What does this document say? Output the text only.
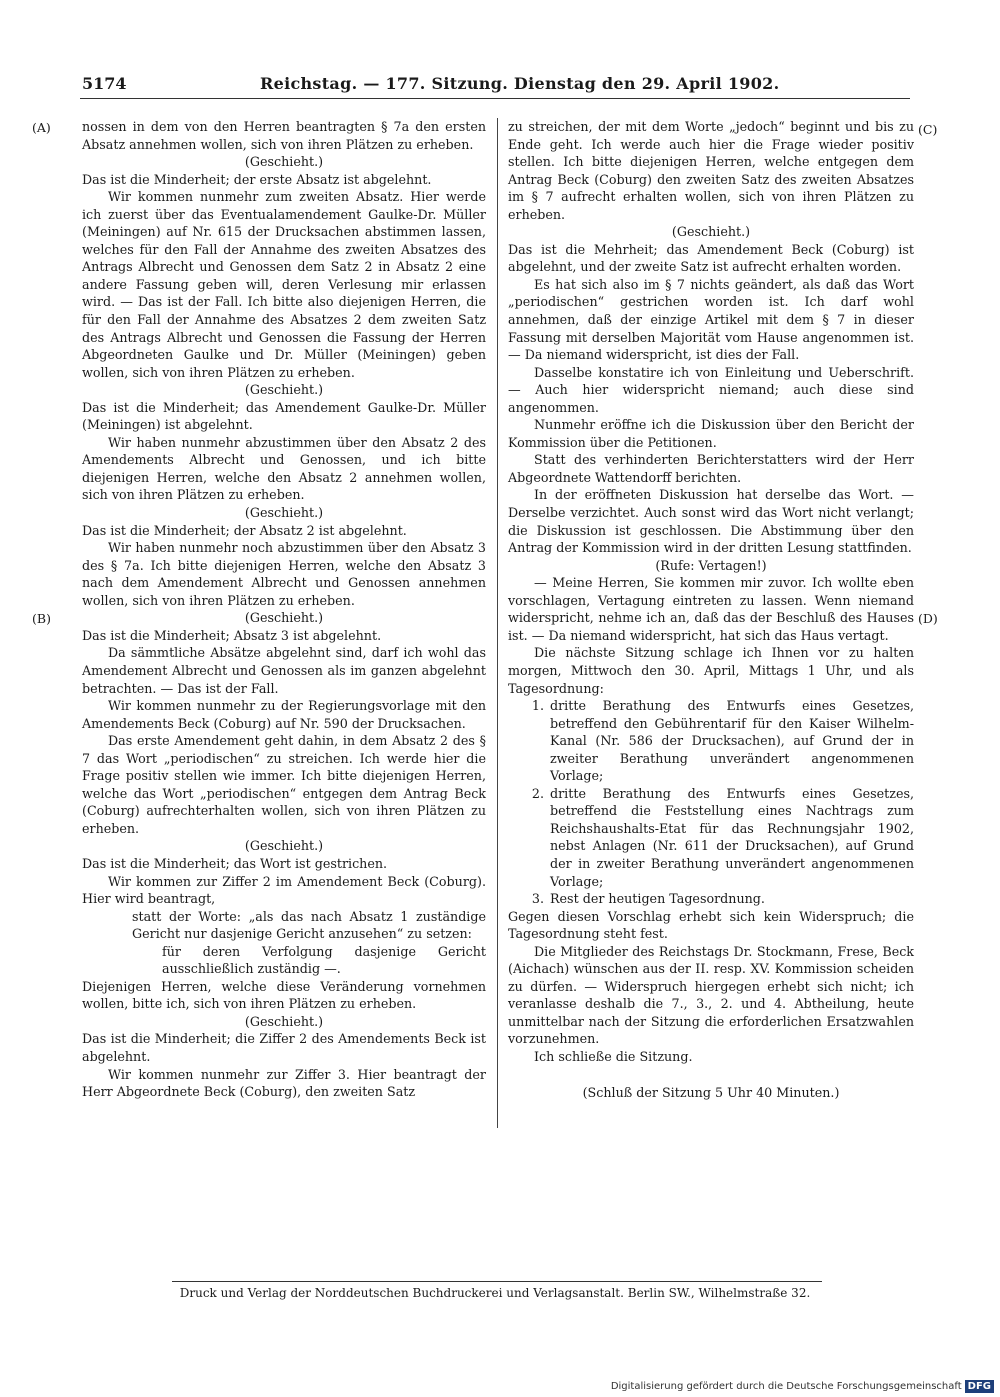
5174	Reichstag. — 177. Sitzung. Dienstag den 29. April 1902.
(A)
(B)
(C)
(D)

nossen in dem von den Herren beantragten § 7a den ersten Absatz annehmen wollen, sich von ihren Plätzen zu erheben.

(Geschieht.)

Das ist die Minderheit; der erste Absatz ist abgelehnt.

Wir kommen nunmehr zum zweiten Absatz. Hier werde ich zuerst über das Eventualamendement Gaulke-Dr. Müller (Meiningen) auf Nr. 615 der Drucksachen abstimmen lassen, welches für den Fall der Annahme des zweiten Absatzes des Antrags Albrecht und Genossen dem Satz 2 in Absatz 2 eine andere Fassung geben will, deren Verlesung mir erlassen wird. — Das ist der Fall. Ich bitte also diejenigen Herren, die für den Fall der Annahme des Absatzes 2 dem zweiten Satz des Antrags Albrecht und Genossen die Fassung der Herren Abgeordneten Gaulke und Dr. Müller (Meiningen) geben wollen, sich von ihren Plätzen zu erheben.

(Geschieht.)

Das ist die Minderheit; das Amendement Gaulke-Dr. Müller (Meiningen) ist abgelehnt.

Wir haben nunmehr abzustimmen über den Absatz 2 des Amendements Albrecht und Genossen, und ich bitte diejenigen Herren, welche den Absatz 2 annehmen wollen, sich von ihren Plätzen zu erheben.

(Geschieht.)

Das ist die Minderheit; der Absatz 2 ist abgelehnt.

Wir haben nunmehr noch abzustimmen über den Absatz 3 des § 7a. Ich bitte diejenigen Herren, welche den Absatz 3 nach dem Amendement Albrecht und Genossen annehmen wollen, sich von ihren Plätzen zu erheben.

(Geschieht.)

Das ist die Minderheit; Absatz 3 ist abgelehnt.

Da sämmtliche Absätze abgelehnt sind, darf ich wohl das Amendement Albrecht und Genossen als im ganzen abgelehnt betrachten. — Das ist der Fall.

Wir kommen nunmehr zu der Regierungsvorlage mit den Amendements Beck (Coburg) auf Nr. 590 der Drucksachen.

Das erste Amendement geht dahin, in dem Absatz 2 des § 7 das Wort „periodischen“ zu streichen. Ich werde hier die Frage positiv stellen wie immer. Ich bitte diejenigen Herren, welche das Wort „periodischen“ entgegen dem Antrag Beck (Coburg) aufrechterhalten wollen, sich von ihren Plätzen zu erheben.

(Geschieht.)

Das ist die Minderheit; das Wort ist gestrichen.

Wir kommen zur Ziffer 2 im Amendement Beck (Coburg). Hier wird beantragt,

statt der Worte: „als das nach Absatz 1 zuständige Gericht nur dasjenige Gericht anzusehen“ zu setzen:

für deren Verfolgung dasjenige Gericht ausschließlich zuständig —.

Diejenigen Herren, welche diese Veränderung vornehmen wollen, bitte ich, sich von ihren Plätzen zu erheben.

(Geschieht.)

Das ist die Minderheit; die Ziffer 2 des Amendements Beck ist abgelehnt.

Wir kommen nunmehr zur Ziffer 3. Hier beantragt der Herr Abgeordnete Beck (Coburg), den zweiten Satz

zu streichen, der mit dem Worte „jedoch“ beginnt und bis zu Ende geht. Ich werde auch hier die Frage wieder positiv stellen. Ich bitte diejenigen Herren, welche entgegen dem Antrag Beck (Coburg) den zweiten Satz des zweiten Absatzes im § 7 aufrecht erhalten wollen, sich von ihren Plätzen zu erheben.

(Geschieht.)

Das ist die Mehrheit; das Amendement Beck (Coburg) ist abgelehnt, und der zweite Satz ist aufrecht erhalten worden.

Es hat sich also im § 7 nichts geändert, als daß das Wort „periodischen“ gestrichen worden ist. Ich darf wohl annehmen, daß der einzige Artikel mit dem § 7 in dieser Fassung mit derselben Majorität vom Hause angenommen ist. — Da niemand widerspricht, ist dies der Fall.

Dasselbe konstatire ich von Einleitung und Ueberschrift. — Auch hier widerspricht niemand; auch diese sind angenommen.

Nunmehr eröffne ich die Diskussion über den Bericht der Kommission über die Petitionen.

Statt des verhinderten Berichterstatters wird der Herr Abgeordnete Wattendorff berichten.

In der eröffneten Diskussion hat derselbe das Wort. — Derselbe verzichtet. Auch sonst wird das Wort nicht verlangt; die Diskussion ist geschlossen. Die Abstimmung über den Antrag der Kommission wird in der dritten Lesung stattfinden.

(Rufe: Vertagen!)

— Meine Herren, Sie kommen mir zuvor. Ich wollte eben vorschlagen, Vertagung eintreten zu lassen. Wenn niemand widerspricht, nehme ich an, daß das der Beschluß des Hauses ist. — Da niemand widerspricht, hat sich das Haus vertagt.

Die nächste Sitzung schlage ich Ihnen vor zu halten morgen, Mittwoch den 30. April, Mittags 1 Uhr, und als Tagesordnung:

1. dritte Berathung des Entwurfs eines Gesetzes, betreffend den Gebührentarif für den Kaiser Wilhelm-Kanal (Nr. 586 der Drucksachen), auf Grund der in zweiter Berathung unverändert angenommenen Vorlage;
2. dritte Berathung des Entwurfs eines Gesetzes, betreffend die Feststellung eines Nachtrags zum Reichshaushalts-Etat für das Rechnungsjahr 1902, nebst Anlagen (Nr. 611 der Drucksachen), auf Grund der in zweiter Berathung unverändert angenommenen Vorlage;
3. Rest der heutigen Tagesordnung.

Gegen diesen Vorschlag erhebt sich kein Widerspruch; die Tagesordnung steht fest.

Die Mitglieder des Reichstags Dr. Stockmann, Frese, Beck (Aichach) wünschen aus der II. resp. XV. Kommission scheiden zu dürfen. — Widerspruch hiergegen erhebt sich nicht; ich veranlasse deshalb die 7., 3., 2. und 4. Abtheilung, heute unmittelbar nach der Sitzung die erforderlichen Ersatzwahlen vorzunehmen.

Ich schließe die Sitzung.

(Schluß der Sitzung 5 Uhr 40 Minuten.)

Druck und Verlag der Norddeutschen Buchdruckerei und Verlagsanstalt. Berlin SW., Wilhelmstraße 32.
Digitalisierung gefördert durch die Deutsche Forschungsgemeinschaft DFG
